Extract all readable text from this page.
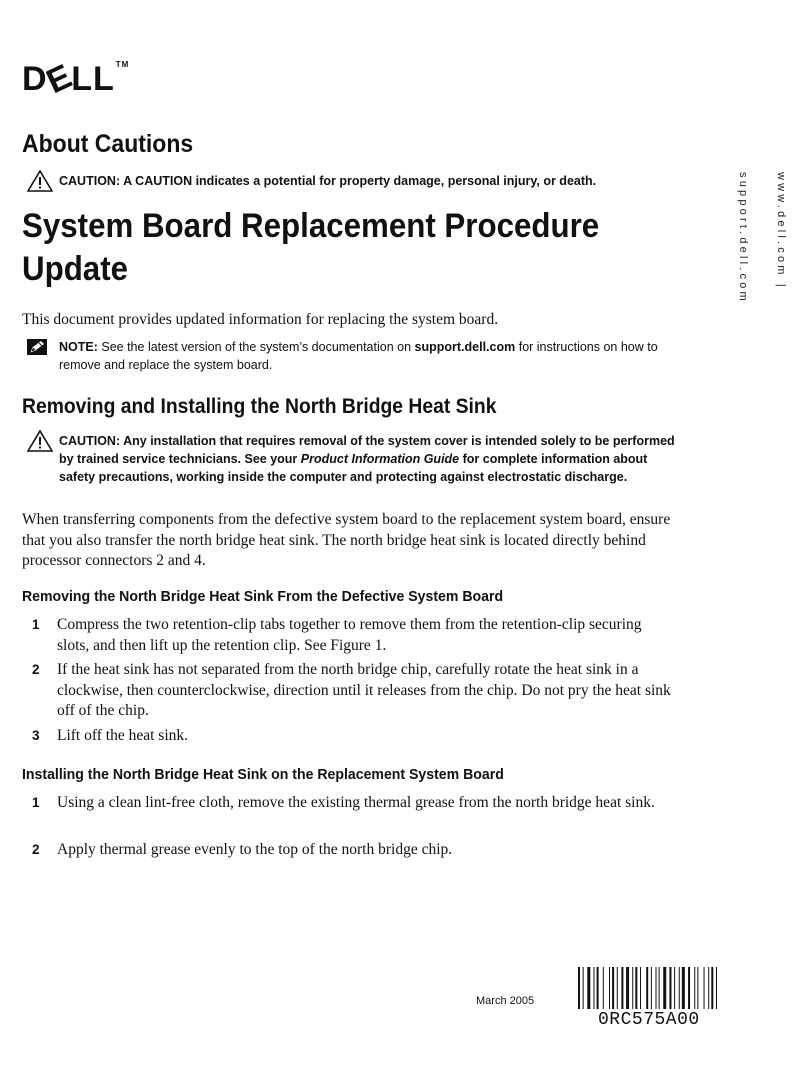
DELL™
www.dell.com | support.dell.com
About Cautions
CAUTION: A CAUTION indicates a potential for property damage, personal injury, or death.
System Board Replacement Procedure Update

This document provides updated information for replacing the system board.

NOTE: See the latest version of the system’s documentation on support.dell.com for instructions on how to remove and replace the system board.
Removing and Installing the North Bridge Heat Sink
CAUTION: Any installation that requires removal of the system cover is intended solely to be performed by trained service technicians. See your Product Information Guide for complete information about safety precautions, working inside the computer and protecting against electrostatic discharge.

When transferring components from the defective system board to the replacement system board, ensure that you also transfer the north bridge heat sink. The north bridge heat sink is located directly behind processor connectors 2 and 4.

Removing the North Bridge Heat Sink From the Defective System Board
1 Compress the two retention-clip tabs together to remove them from the retention-clip securing slots, and then lift up the retention clip. See Figure 1.
2 If the heat sink has not separated from the north bridge chip, carefully rotate the heat sink in a clockwise, then counterclockwise, direction until it releases from the chip. Do not pry the heat sink off of the chip.
3 Lift off the heat sink.
Installing the North Bridge Heat Sink on the Replacement System Board
1 Using a clean lint-free cloth, remove the existing thermal grease from the north bridge heat sink.
2 Apply thermal grease evenly to the top of the north bridge chip.
March 2005
0RC575A00
